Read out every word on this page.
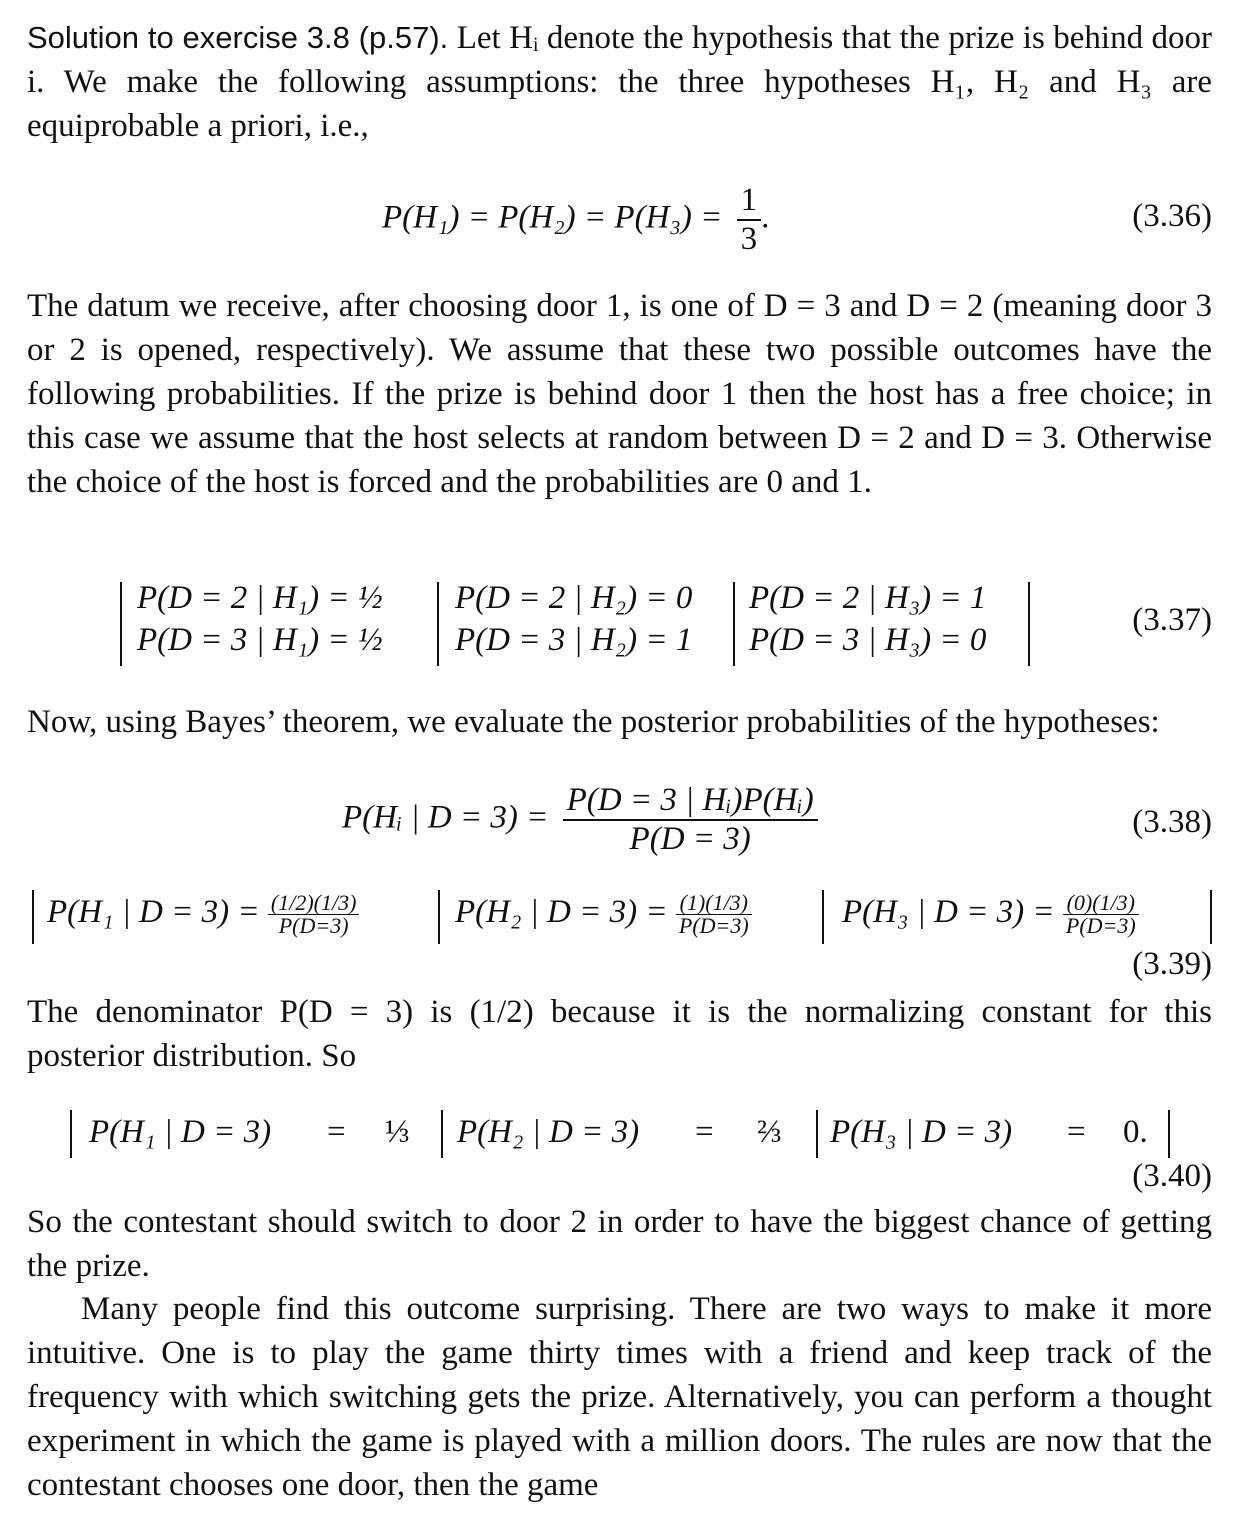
Solution to exercise 3.8 (p.57). Let Hᵢ denote the hypothesis that the prize is behind door i. We make the following assumptions: the three hypotheses H₁, H₂ and H₃ are equiprobable a priori, i.e.,

$P(H_1) = P(H_2) = P(H_3) = \frac{1}{3}$ .	(3.36)

The datum we receive, after choosing door 1, is one of D = 3 and D = 2 (meaning door 3 or 2 is opened, respectively). We assume that these two possible outcomes have the following probabilities. If the prize is behind door 1 then the host has a free choice; in this case we assume that the host selects at random between D = 2 and D = 3. Otherwise the choice of the host is forced and the probabilities are 0 and 1.

P(D = 2 | H₁) = ½ P(D = 2 | H₂) = 0 P(D = 2 | H₃) = 1
P(D = 3 | H₁) = ½ P(D = 3 | H₂) = 1 P(D = 3 | H₃) = 0
(3.37)

Now, using Bayes’ theorem, we evaluate the posterior probabilities of the hypotheses:

P(Hᵢ | $D = 3) = \frac{\text{P(D = 3 | Hᵢ)P(Hᵢ)}}{P(D = 3)}$	(3.38)
P(H₁ | $D = 3) = \frac{(1/2)(1/3)}{P(D=3)}$	P(H₂ | $D = 3) = \frac{(1)(1/3)}{P(D=3)}$	P(H₃ | $D = 3) = \frac{(0)(1/3)}{P(D=3)}$
(3.39)

The denominator P(D = 3) is (1/2) because it is the normalizing constant for this posterior distribution. So

P(H₁ | D = 3) = ⅓ P(H₂ | D = 3) = ⅔ P(H₃ | D = 3) = 0.
(3.40)

So the contestant should switch to door 2 in order to have the biggest chance of getting the prize.

Many people find this outcome surprising. There are two ways to make it more intuitive. One is to play the game thirty times with a friend and keep track of the frequency with which switching gets the prize. Alternatively, you can perform a thought experiment in which the game is played with a million doors. The rules are now that the contestant chooses one door, then the game
